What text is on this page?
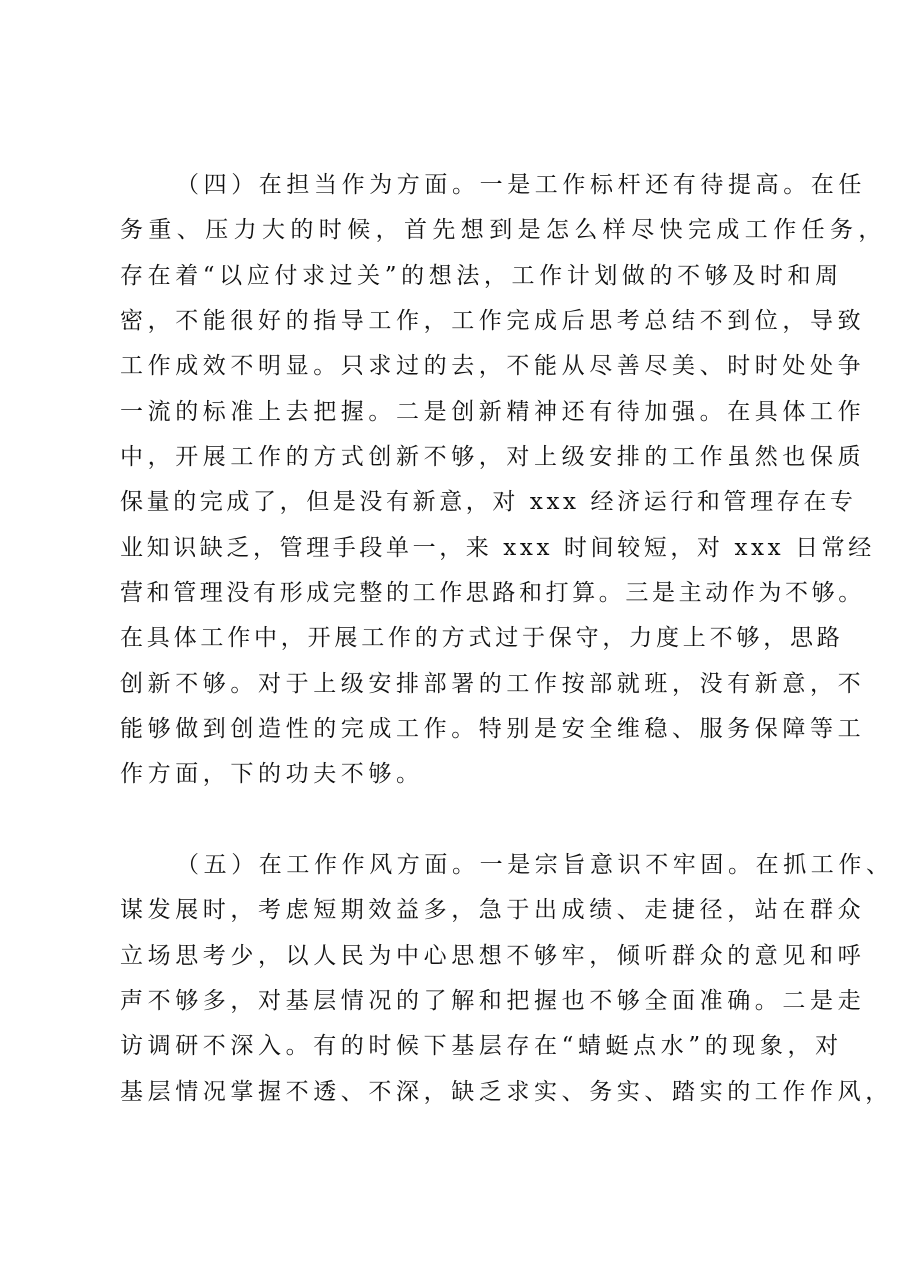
（四）在担当作为方面。一是工作标杆还有待提高。在任
务重、压力大的时候，首先想到是怎么样尽快完成工作任务，
存在着“以应付求过关”的想法，工作计划做的不够及时和周
密，不能很好的指导工作，工作完成后思考总结不到位，导致
工作成效不明显。只求过的去，不能从尽善尽美、时时处处争
一流的标准上去把握。二是创新精神还有待加强。在具体工作
中，开展工作的方式创新不够，对上级安排的工作虽然也保质
保量的完成了，但是没有新意，对 xxx 经济运行和管理存在专
业知识缺乏，管理手段单一，来 xxx 时间较短，对 xxx 日常经
营和管理没有形成完整的工作思路和打算。三是主动作为不够。
在具体工作中，开展工作的方式过于保守，力度上不够，思路
创新不够。对于上级安排部署的工作按部就班，没有新意，不
能够做到创造性的完成工作。特别是安全维稳、服务保障等工
作方面，下的功夫不够。
（五）在工作作风方面。一是宗旨意识不牢固。在抓工作、
谋发展时，考虑短期效益多，急于出成绩、走捷径，站在群众
立场思考少，以人民为中心思想不够牢，倾听群众的意见和呼
声不够多，对基层情况的了解和把握也不够全面准确。二是走
访调研不深入。有的时候下基层存在“蜻蜓点水”的现象，对
基层情况掌握不透、不深，缺乏求实、务实、踏实的工作作风，
